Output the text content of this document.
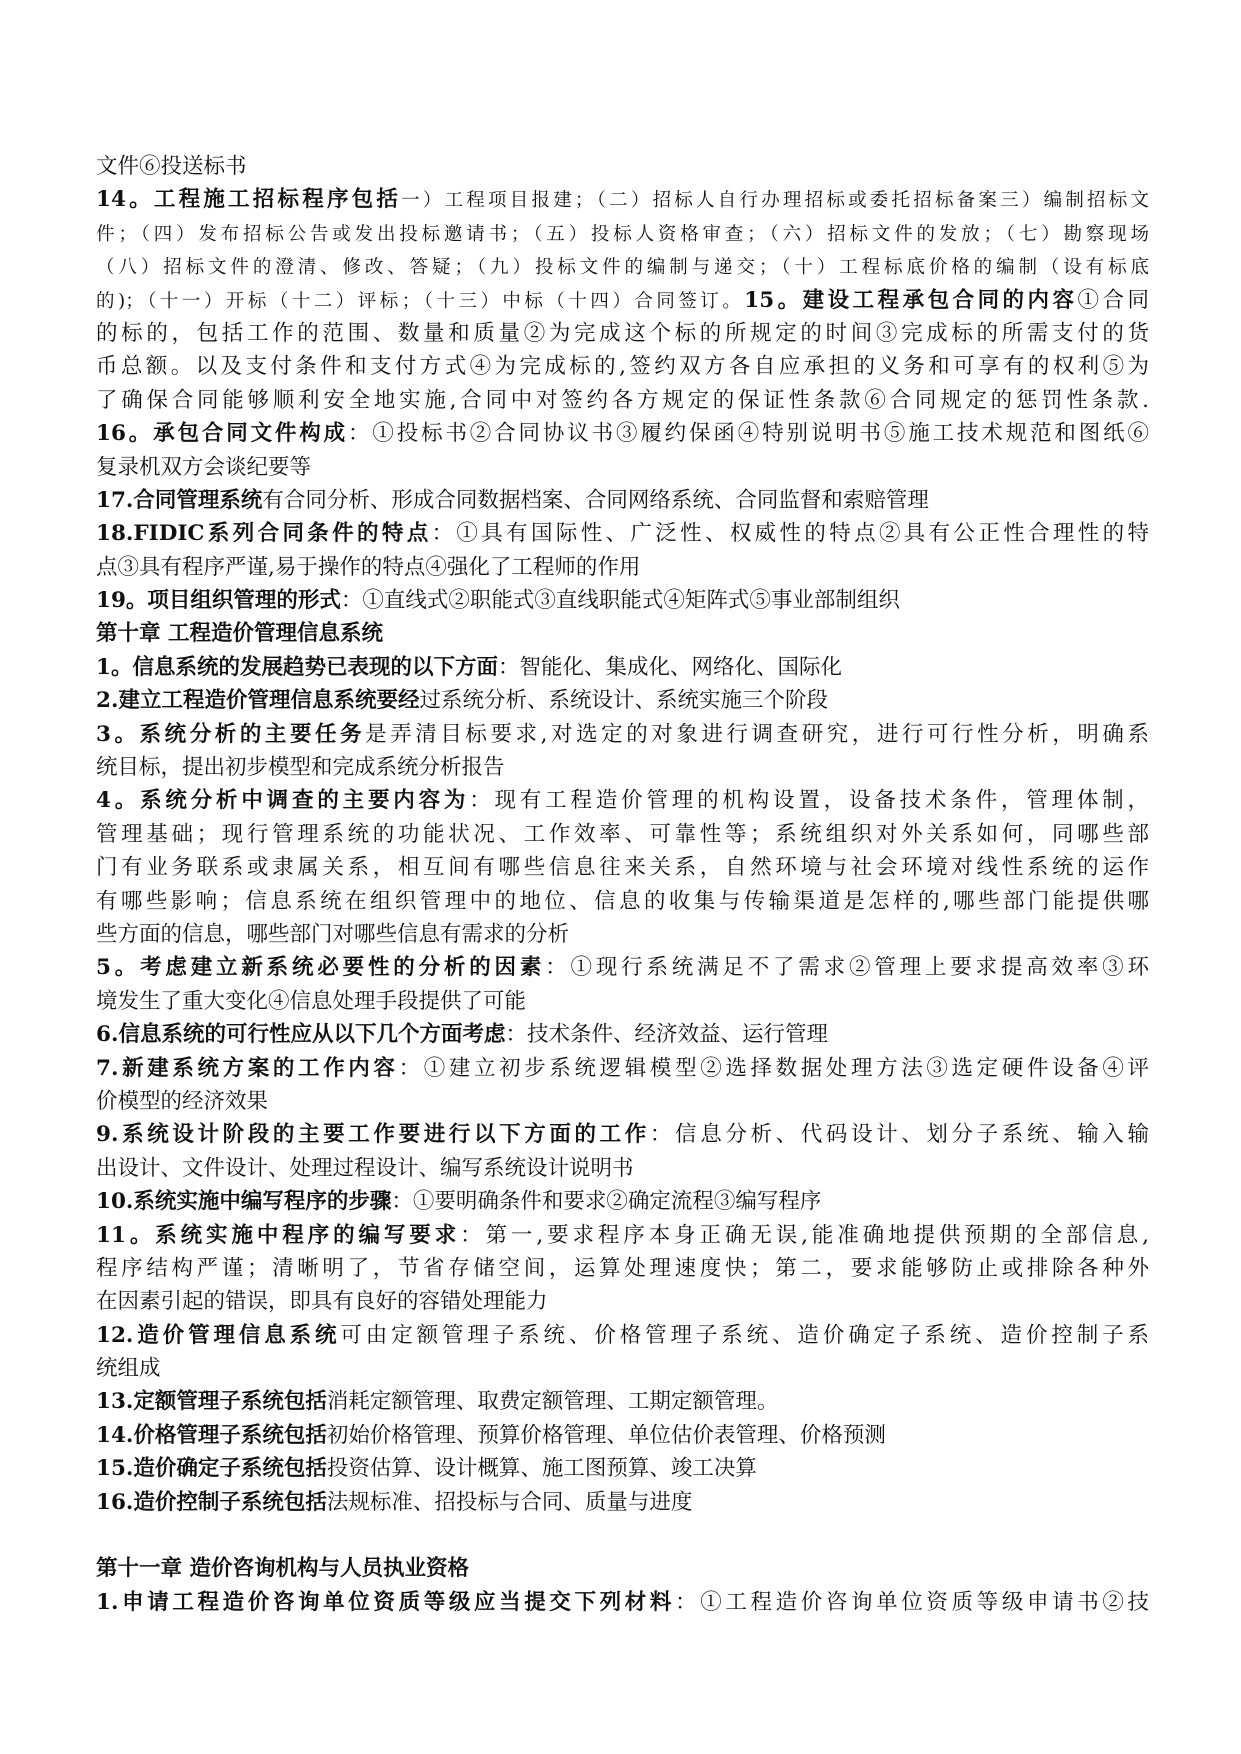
文件⑥投送标书
14。工程施工招标程序包括一）工程项目报建；（二）招标人自行办理招标或委托招标备案三）编制招标文
件；（四）发布招标公告或发出投标邀请书；（五）投标人资格审查；（六）招标文件的发放；（七）勘察现场
（八）招标文件的澄清、修改、答疑；（九）投标文件的编制与递交；（十）工程标底价格的编制（设有标底
的)；（十一）开标（十二）评标；（十三）中标（十四）合同签订。15。建设工程承包合同的内容①合同
的标的，包括工作的范围、数量和质量②为完成这个标的所规定的时间③完成标的所需支付的货
币总额。以及支付条件和支付方式④为完成标的,签约双方各自应承担的义务和可享有的权利⑤为
了确保合同能够顺利安全地实施,合同中对签约各方规定的保证性条款⑥合同规定的惩罚性条款.
16。承包合同文件构成：①投标书②合同协议书③履约保函④特别说明书⑤施工技术规范和图纸⑥
复录机双方会谈纪要等
17.合同管理系统有合同分析、形成合同数据档案、合同网络系统、合同监督和索赔管理
18.FIDIC系列合同条件的特点：①具有国际性、广泛性、权威性的特点②具有公正性合理性的特
点③具有程序严谨,易于操作的特点④强化了工程师的作用
19。项目组织管理的形式：①直线式②职能式③直线职能式④矩阵式⑤事业部制组织
第十章 工程造价管理信息系统
1。信息系统的发展趋势已表现的以下方面：智能化、集成化、网络化、国际化
2.建立工程造价管理信息系统要经过系统分析、系统设计、系统实施三个阶段
3。系统分析的主要任务是弄清目标要求,对选定的对象进行调查研究，进行可行性分析，明确系
统目标，提出初步模型和完成系统分析报告
4。系统分析中调查的主要内容为：现有工程造价管理的机构设置，设备技术条件，管理体制，
管理基础；现行管理系统的功能状况、工作效率、可靠性等；系统组织对外关系如何，同哪些部
门有业务联系或隶属关系，相互间有哪些信息往来关系，自然环境与社会环境对线性系统的运作
有哪些影响；信息系统在组织管理中的地位、信息的收集与传输渠道是怎样的,哪些部门能提供哪
些方面的信息，哪些部门对哪些信息有需求的分析
5。考虑建立新系统必要性的分析的因素：①现行系统满足不了需求②管理上要求提高效率③环
境发生了重大变化④信息处理手段提供了可能
6.信息系统的可行性应从以下几个方面考虑：技术条件、经济效益、运行管理
7.新建系统方案的工作内容：①建立初步系统逻辑模型②选择数据处理方法③选定硬件设备④评
价模型的经济效果
9.系统设计阶段的主要工作要进行以下方面的工作：信息分析、代码设计、划分子系统、输入输
出设计、文件设计、处理过程设计、编写系统设计说明书
10.系统实施中编写程序的步骤：①要明确条件和要求②确定流程③编写程序
11。系统实施中程序的编写要求：第一,要求程序本身正确无误,能准确地提供预期的全部信息,
程序结构严谨；清晰明了，节省存储空间，运算处理速度快；第二，要求能够防止或排除各种外
在因素引起的错误，即具有良好的容错处理能力
12.造价管理信息系统可由定额管理子系统、价格管理子系统、造价确定子系统、造价控制子系
统组成
13.定额管理子系统包括消耗定额管理、取费定额管理、工期定额管理。
14.价格管理子系统包括初始价格管理、预算价格管理、单位估价表管理、价格预测
15.造价确定子系统包括投资估算、设计概算、施工图预算、竣工决算
16.造价控制子系统包括法规标准、招投标与合同、质量与进度
第十一章 造价咨询机构与人员执业资格
1.申请工程造价咨询单位资质等级应当提交下列材料：①工程造价咨询单位资质等级申请书②技
